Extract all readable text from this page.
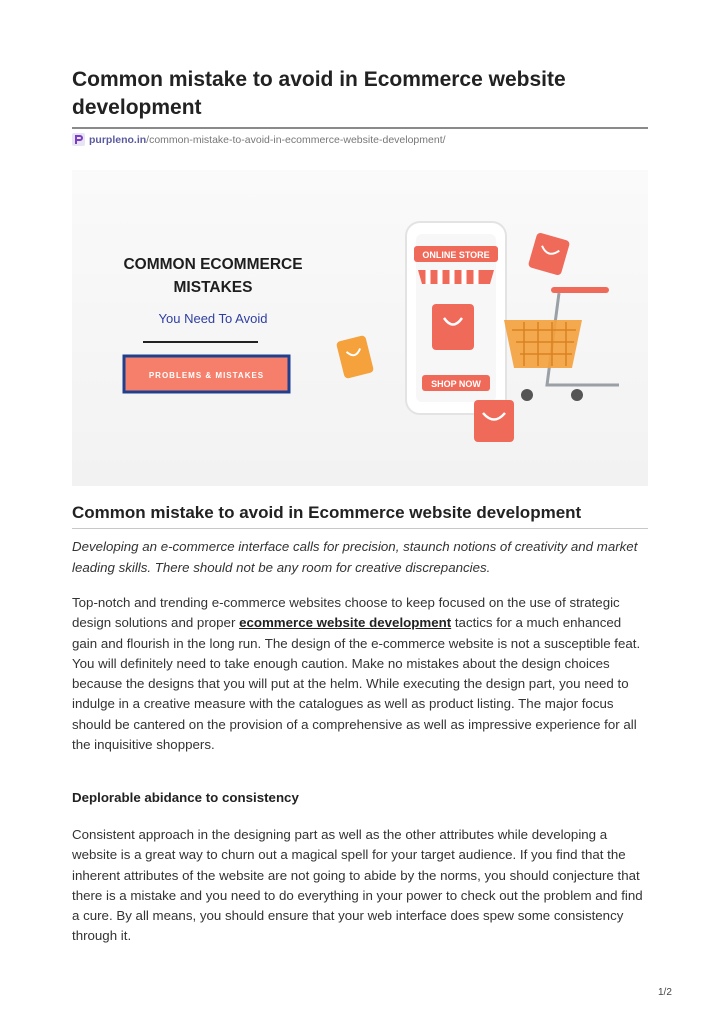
Common mistake to avoid in Ecommerce website development
purpleno.in /common-mistake-to-avoid-in-ecommerce-website-development/
COMMON ECOMMERCE
MISTAKES
You Need To Avoid
PROBLEMS & MISTAKES
ONLINE STORE
SHOP NOW
Common mistake to avoid in Ecommerce website development

Developing an e-commerce interface calls for precision, staunch notions of creativity and market leading skills. There should not be any room for creative discrepancies.

Top-notch and trending e-commerce websites choose to keep focused on the use of strategic design solutions and proper ecommerce website development tactics for a much enhanced gain and flourish in the long run. The design of the e-commerce website is not a susceptible feat. You will definitely need to take enough caution. Make no mistakes about the design choices because the designs that you will put at the helm. While executing the design part, you need to indulge in a creative measure with the catalogues as well as product listing. The major focus should be cantered on the provision of a comprehensive as well as impressive experience for all the inquisitive shoppers.

Deplorable abidance to consistency

Consistent approach in the designing part as well as the other attributes while developing a website is a great way to churn out a magical spell for your target audience. If you find that the inherent attributes of the website are not going to abide by the norms, you should conjecture that there is a mistake and you need to do everything in your power to check out the problem and find a cure. By all means, you should ensure that your web interface does spew some consistency through it.

1/2
